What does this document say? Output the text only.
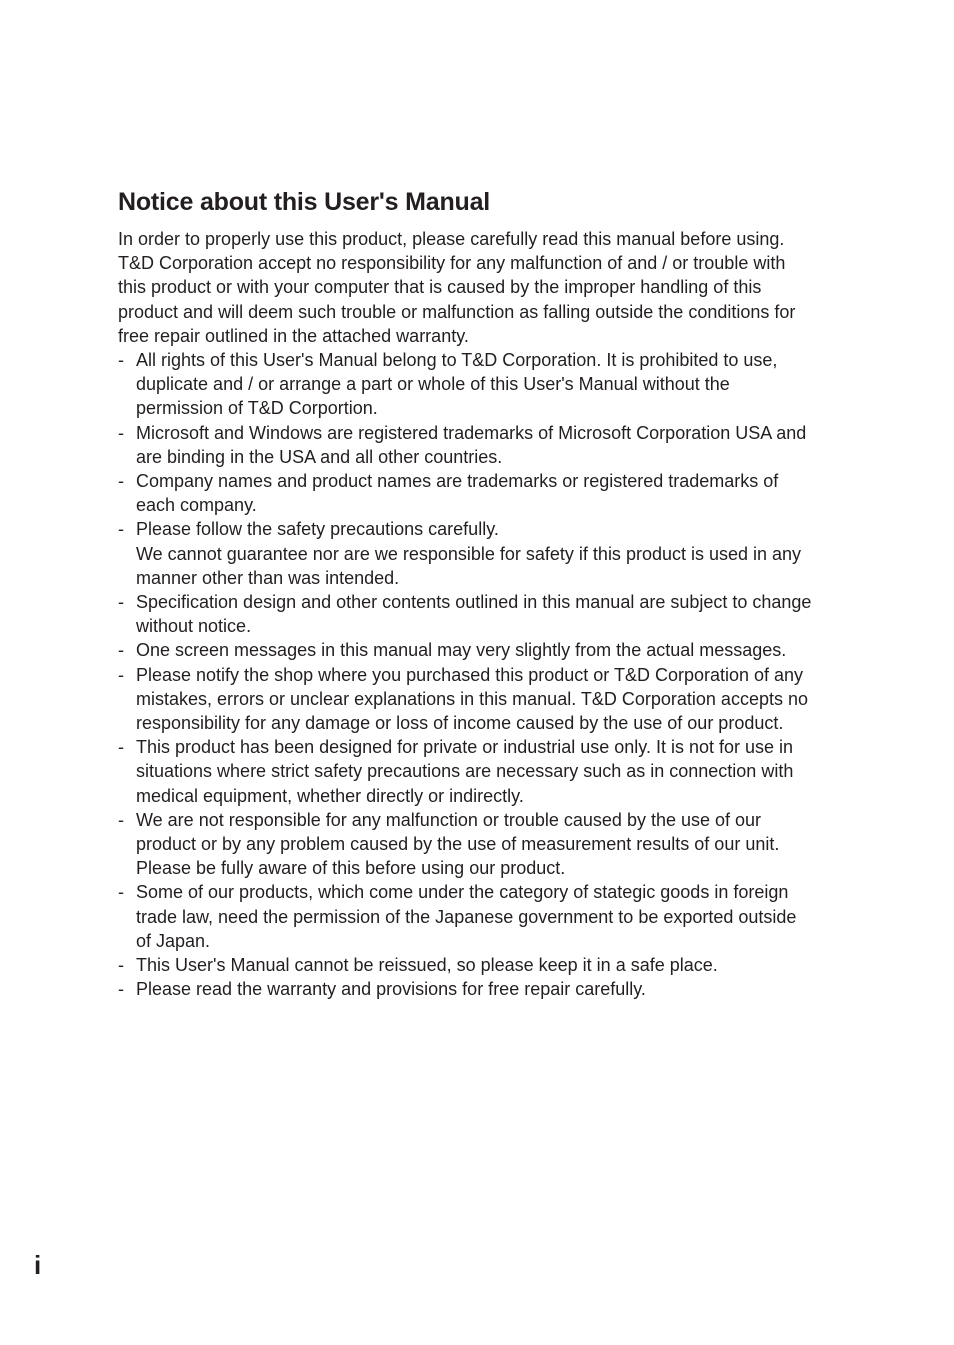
Notice about this User's Manual

In order to properly use this product, please carefully read this manual before using.
T&D Corporation accept no responsibility for any malfunction of and / or trouble with
this product or with your computer that is caused by the improper handling of this
product and will deem such trouble or malfunction as falling outside the conditions for
free repair outlined in the attached warranty.

- All rights of this User's Manual belong to T&D Corporation. It is prohibited to use,
duplicate and / or arrange a part or whole of this User's Manual without the
permission of T&D Corportion.
- Microsoft and Windows are registered trademarks of Microsoft Corporation USA and
are binding in the USA and all other countries.
- Company names and product names are trademarks or registered trademarks of
each company.
- Please follow the safety precautions carefully.
We cannot guarantee nor are we responsible for safety if this product is used in any
manner other than was intended.
- Specification design and other contents outlined in this manual are subject to change
without notice.
- One screen messages in this manual may very slightly from the actual messages.
- Please notify the shop where you purchased this product or T&D Corporation of any
mistakes, errors or unclear explanations in this manual. T&D Corporation accepts no
responsibility for any damage or loss of income caused by the use of our product.
- This product has been designed for private or industrial use only. It is not for use in
situations where strict safety precautions are necessary such as in connection with
medical equipment, whether directly or indirectly.
- We are not responsible for any malfunction or trouble caused by the use of our
product or by any problem caused by the use of measurement results of our unit.
Please be fully aware of this before using our product.
- Some of our products, which come under the category of stategic goods in foreign
trade law, need the permission of the Japanese government to be exported outside
of Japan.
- This User's Manual cannot be reissued, so please keep it in a safe place.
- Please read the warranty and provisions for free repair carefully.
i
